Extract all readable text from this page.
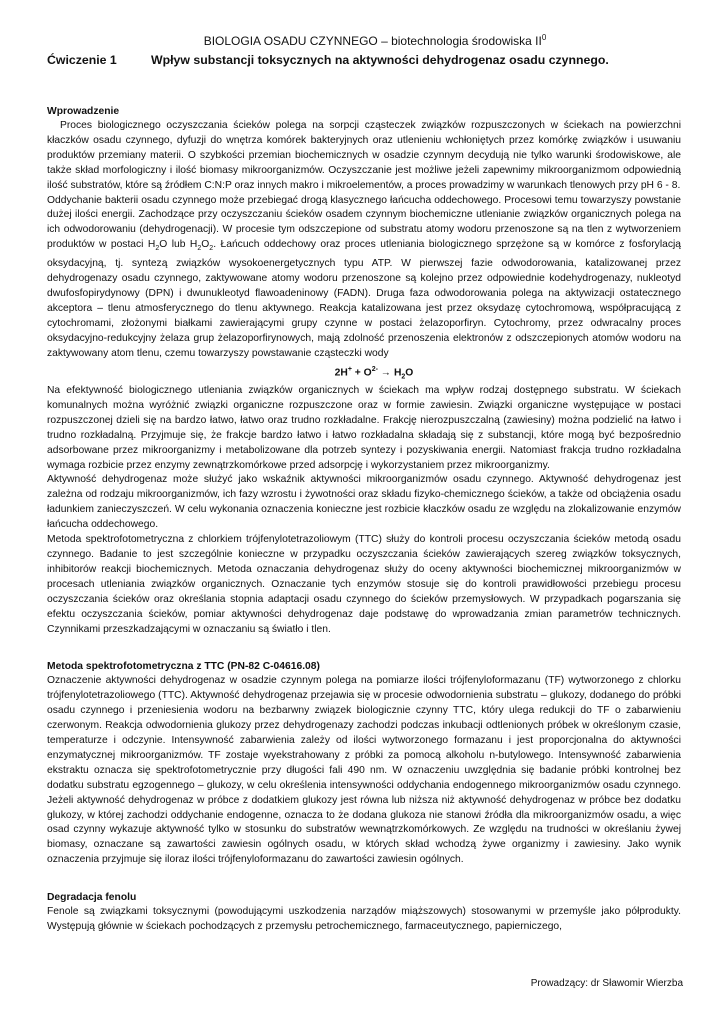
BIOLOGIA OSADU CZYNNEGO – biotechnologia środowiska $II^0$
Ćwiczenie 1	Wpływ substancji toksycznych na aktywności dehydrogenaz osadu czynnego.
Wprowadzenie

Proces biologicznego oczyszczania ścieków polega na sorpcji cząsteczek związków rozpuszczonych w ściekach na powierzchni kłaczków osadu czynnego, dyfuzji do wnętrza komórek bakteryjnych oraz utlenieniu wchłoniętych przez komórkę związków i usuwaniu produktów przemiany materii. O szybkości przemian biochemicznych w osadzie czynnym decydują nie tylko warunki środowiskowe, ale także skład morfologiczny i ilość biomasy mikroorganizmów. Oczyszczanie jest możliwe jeżeli zapewnimy mikroorganizmom odpowiednią ilość substratów, które są źródłem C:N:P oraz innych makro i mikroelementów, a proces prowadzimy w warunkach tlenowych przy pH 6 - 8.

Oddychanie bakterii osadu czynnego może przebiegać drogą klasycznego łańcucha oddechowego. Procesowi temu towarzyszy powstanie dużej ilości energii. Zachodzące przy oczyszczaniu ścieków osadem czynnym biochemiczne utlenianie związków organicznych polega na ich odwodorowaniu (dehydrogenacji). W procesie tym odszczepione od substratu atomy wodoru przenoszone są na tlen z wytworzeniem produktów w postaci $H_2O$ lub $H_2O_2$. Łańcuch oddechowy oraz proces utleniania biologicznego sprzężone są w komórce z fosforylacją oksydacyjną, tj. syntezą związków wysokoenergetycznych typu ATP. W pierwszej fazie odwodorowania, katalizowanej przez dehydrogenazy osadu czynnego, zaktywowane atomy wodoru przenoszone są kolejno przez odpowiednie kodehydrogenazy, nukleotyd dwufosfopirydynowy (DPN) i dwunukleotyd flawoadeninowy (FADN). Druga faza odwodorowania polega na aktywizacji ostatecznego akceptora – tlenu atmosferycznego do tlenu aktywnego. Reakcja katalizowana jest przez oksydazę cytochromową, współpracującą z cytochromami, złożonymi białkami zawierającymi grupy czynne w postaci żelazoporfiryn. Cytochromy, przez odwracalny proces oksydacyjno-redukcyjny żelaza grup żelazoporfirynowych, mają zdolność przenoszenia elektronów z odszczepionych atomów wodoru na zaktywowany atom tlenu, czemu towarzyszy powstawanie cząsteczki wody

$2H^+ + O^{2-} \to H_2O$

Na efektywność biologicznego utleniania związków organicznych w ściekach ma wpływ rodzaj dostępnego substratu. W ściekach komunalnych można wyróżnić związki organiczne rozpuszczone oraz w formie zawiesin. Związki organiczne występujące w postaci rozpuszczonej dzieli się na bardzo łatwo, łatwo oraz trudno rozkładalne. Frakcję nierozpuszczalną (zawiesiny) można podzielić na łatwo i trudno rozkładalną. Przyjmuje się, że frakcje bardzo łatwo i łatwo rozkładalna składają się z substancji, które mogą być bezpośrednio adsorbowane przez mikroorganizmy i metabolizowane dla potrzeb syntezy i pozyskiwania energii. Natomiast frakcja trudno rozkładalna wymaga rozbicie przez enzymy zewnątrzkomórkowe przed adsorpcję i wykorzystaniem przez mikroorganizmy.

Aktywność dehydrogenaz może służyć jako wskaźnik aktywności mikroorganizmów osadu czynnego. Aktywność dehydrogenaz jest zależna od rodzaju mikroorganizmów, ich fazy wzrostu i żywotności oraz składu fizyko-chemicznego ścieków, a także od obciążenia osadu ładunkiem zanieczyszczeń. W celu wykonania oznaczenia konieczne jest rozbicie kłaczków osadu ze względu na zlokalizowanie enzymów łańcucha oddechowego.

Metoda spektrofotometryczna z chlorkiem trójfenylotetrazoliowym (TTC) służy do kontroli procesu oczyszczania ścieków metodą osadu czynnego. Badanie to jest szczególnie konieczne w przypadku oczyszczania ścieków zawierających szereg związków toksycznych, inhibitorów reakcji biochemicznych. Metoda oznaczania dehydrogenaz służy do oceny aktywności biochemicznej mikroorganizmów w procesach utleniania związków organicznych. Oznaczanie tych enzymów stosuje się do kontroli prawidłowości przebiegu procesu oczyszczania ścieków oraz określania stopnia adaptacji osadu czynnego do ścieków przemysłowych. W przypadkach pogarszania się efektu oczyszczania ścieków, pomiar aktywności dehydrogenaz daje podstawę do wprowadzania zmian parametrów technicznych. Czynnikami przeszkadzającymi w oznaczaniu są światło i tlen.

Metoda spektrofotometryczna z TTC (PN-82 C-04616.08)

Oznaczenie aktywności dehydrogenaz w osadzie czynnym polega na pomiarze ilości trójfenyloformazanu (TF) wytworzonego z chlorku trójfenylotetrazoliowego (TTC). Aktywność dehydrogenaz przejawia się w procesie odwodornienia substratu – glukozy, dodanego do próbki osadu czynnego i przeniesienia wodoru na bezbarwny związek biologicznie czynny TTC, który ulega redukcji do TF o zabarwieniu czerwonym. Reakcja odwodornienia glukozy przez dehydrogenazy zachodzi podczas inkubacji odtlenionych próbek w określonym czasie, temperaturze i odczynie. Intensywność zabarwienia zależy od ilości wytworzonego formazanu i jest proporcjonalna do aktywności enzymatycznej mikroorganizmów. TF zostaje wyekstrahowany z próbki za pomocą alkoholu n-butylowego. Intensywność zabarwienia ekstraktu oznacza się spektrofotometrycznie przy długości fali 490 nm. W oznaczeniu uwzględnia się badanie próbki kontrolnej bez dodatku substratu egzogennego – glukozy, w celu określenia intensywności oddychania endogennego mikroorganizmów osadu czynnego. Jeżeli aktywność dehydrogenaz w próbce z dodatkiem glukozy jest równa lub niższa niż aktywność dehydrogenaz w próbce bez dodatku glukozy, w której zachodzi oddychanie endogenne, oznacza to że dodana glukoza nie stanowi źródła dla mikroorganizmów osadu, a więc osad czynny wykazuje aktywność tylko w stosunku do substratów wewnątrzkomórkowych. Ze względu na trudności w określaniu żywej biomasy, oznaczane są zawartości zawiesin ogólnych osadu, w których skład wchodzą żywe organizmy i zawiesiny. Jako wynik oznaczenia przyjmuje się iloraz ilości trójfenyloformazanu do zawartości zawiesin ogólnych.

Degradacja fenolu

Fenole są związkami toksycznymi (powodującymi uszkodzenia narządów miąższowych) stosowanymi w przemyśle jako półprodukty. Występują głównie w ściekach pochodzących z przemysłu petrochemicznego, farmaceutycznego, papierniczego,

Prowadzący: dr Sławomir Wierzba
